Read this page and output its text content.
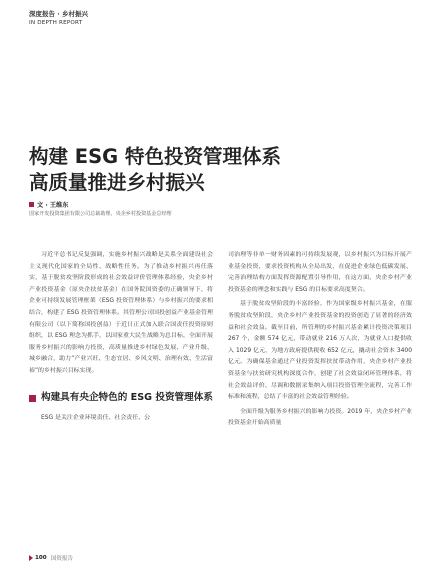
深度报告 · 乡村振兴
IN DEPTH REPORT
构建 ESG 特色投资管理体系
高质量推进乡村振兴
文 · 王维东
国家开发投资集团有限公司总裁助理、央企乡村投资基金总经理

习近平总书记反复强调，实施乡村振兴战略是关系全面建设社会主义现代化国家的全局性、战略性任务。为了推动乡村振兴再任落实，基于脱贫攻坚阶段形成的社会效益评价管理体系经验，央企乡村产业投资基金（原央企扶贫基金）在国务院国资委的正确领导下，将企业可持续发展管理框架（ESG 投资管理体系）与乡村振兴的要求相结合，构建了 ESG 投资管理体系。其管理公司国投创益产业基金管理有限公司（以下简称国投创益）于近日正式加入联合国责任投资原则组织，以 ESG 理念为抓手，以国家重大民生战略为总目标，全面开展服务乡村振兴的影响力投资，高质量推进乡村绿色发展、产业升级、城乡融合，助力“产业兴旺、生态宜居、乡风文明、治理有效、生活富裕”的乡村振兴目标实现。

构建具有央企特色的 ESG 投资管理体系

ESG 是关注企业环境责任、社会责任、公

司治理等非单一财务因素的可持续发展观，以乡村振兴为目标开展产业基金投资，要求投资机构从全局出发，在促进企业绿色低碳发展、完善治理结构方面发挥资源配置引导作用，在这方面，央企乡村产业投资基金的理念和实践与 ESG 的目标要求高度契合。

基于脱贫攻坚阶段的丰富经验，作为国家级乡村振兴基金，在服务脱贫攻坚阶段，央企乡村产业投资基金的投资创造了显著的经济效益和社会效益。截至目前，所管理的乡村振兴基金累计投资决策项目 267 个，金额 574 亿元，带动就业 216 万人次，为就业人口提供收入 1029 亿元，为地方政府提供税收 652 亿元，撬动社会资本 3400 亿元。为确保基金通过产业投资发挥扶贫带动作用，央企乡村产业投资基金与扶贫研究机构深度合作，创建了社会效益闭环管理体系，将社会效益评价、尽调和数据采集纳入项目投资管理全流程，完善工作标准和流程，总结了丰富的社会效益管理经验。

全面升级为服务乡村振兴的影响力投资。2019 年，央企乡村产业投资基金开始高质量

100 国资报告
